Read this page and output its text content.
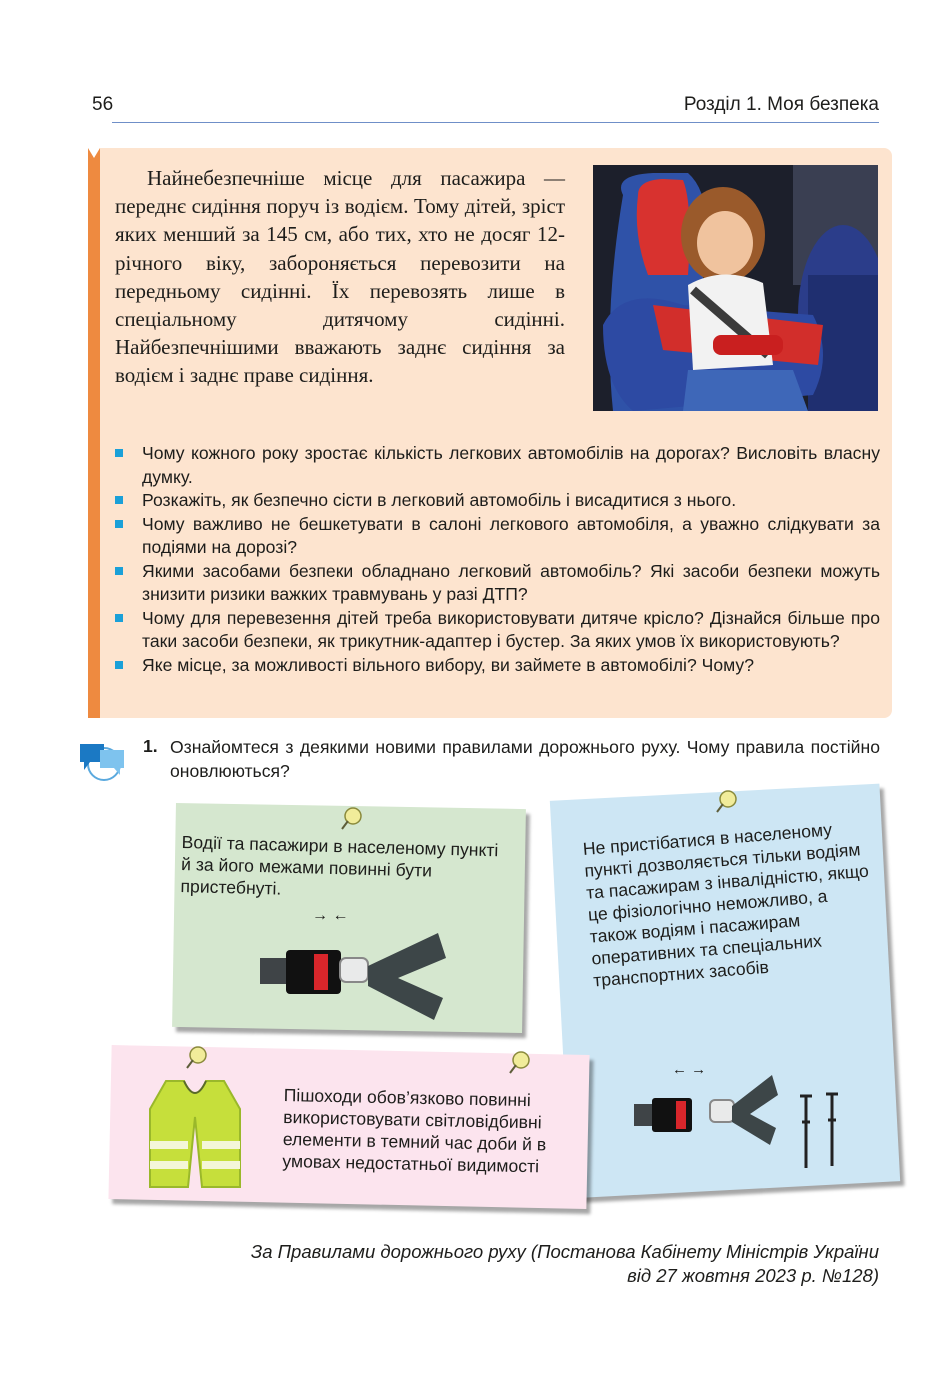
56	Розділ 1. Моя безпека
Найнебезпечніше місце для пасажира — переднє сидіння поруч із водієм. Тому дітей, зріст яких менший за 145 см, або тих, хто не досяг 12-річного віку, забороняється перевозити на передньому сидінні. Їх перевозять лише в спеціальному дитячому сидінні. Найбезпечнішими вважають заднє сидіння за водієм і заднє праве сидіння.
Чому кожного року зростає кількість легкових автомобілів на дорогах? Висловіть власну думку.
Розкажіть, як безпечно сісти в легковий автомобіль і висадитися з нього.
Чому важливо не бешкетувати в салоні легкового автомобіля, а уважно слідкувати за подіями на дорозі?
Якими засобами безпеки обладнано легковий автомобіль? Які засоби безпеки можуть знизити ризики важких травмувань у разі ДТП?
Чому для перевезення дітей треба використовувати дитяче крісло? Дізнайся більше про таки засоби безпеки, як трикутник-адаптер і бустер. За яких умов їх використовують?
Яке місце, за можливості вільного вибору, ви займете в автомобілі? Чому?
1. Ознайомтеся з деякими новими правилами дорожнього руху. Чому правила постійно оновлюються?
Водії та пасажири в населеному пункті й за його межами повинні бути пристебнуті.
→ ←
Не пристібатися в населеному пункті дозволяється тільки водіям та пасажирам з інвалідністю, якщо це фізіологічно неможливо, а також водіям і пасажирам оперативних та спеціальних транспортних засобів
← →
Пішоходи обов’язково повинні використовувати світловідбивні елементи в темний час доби й в умовах недостатньої видимості
За Правилами дорожнього руху (Постанова Кабінету Міністрів України
від 27 жовтня 2023 р. №128)
